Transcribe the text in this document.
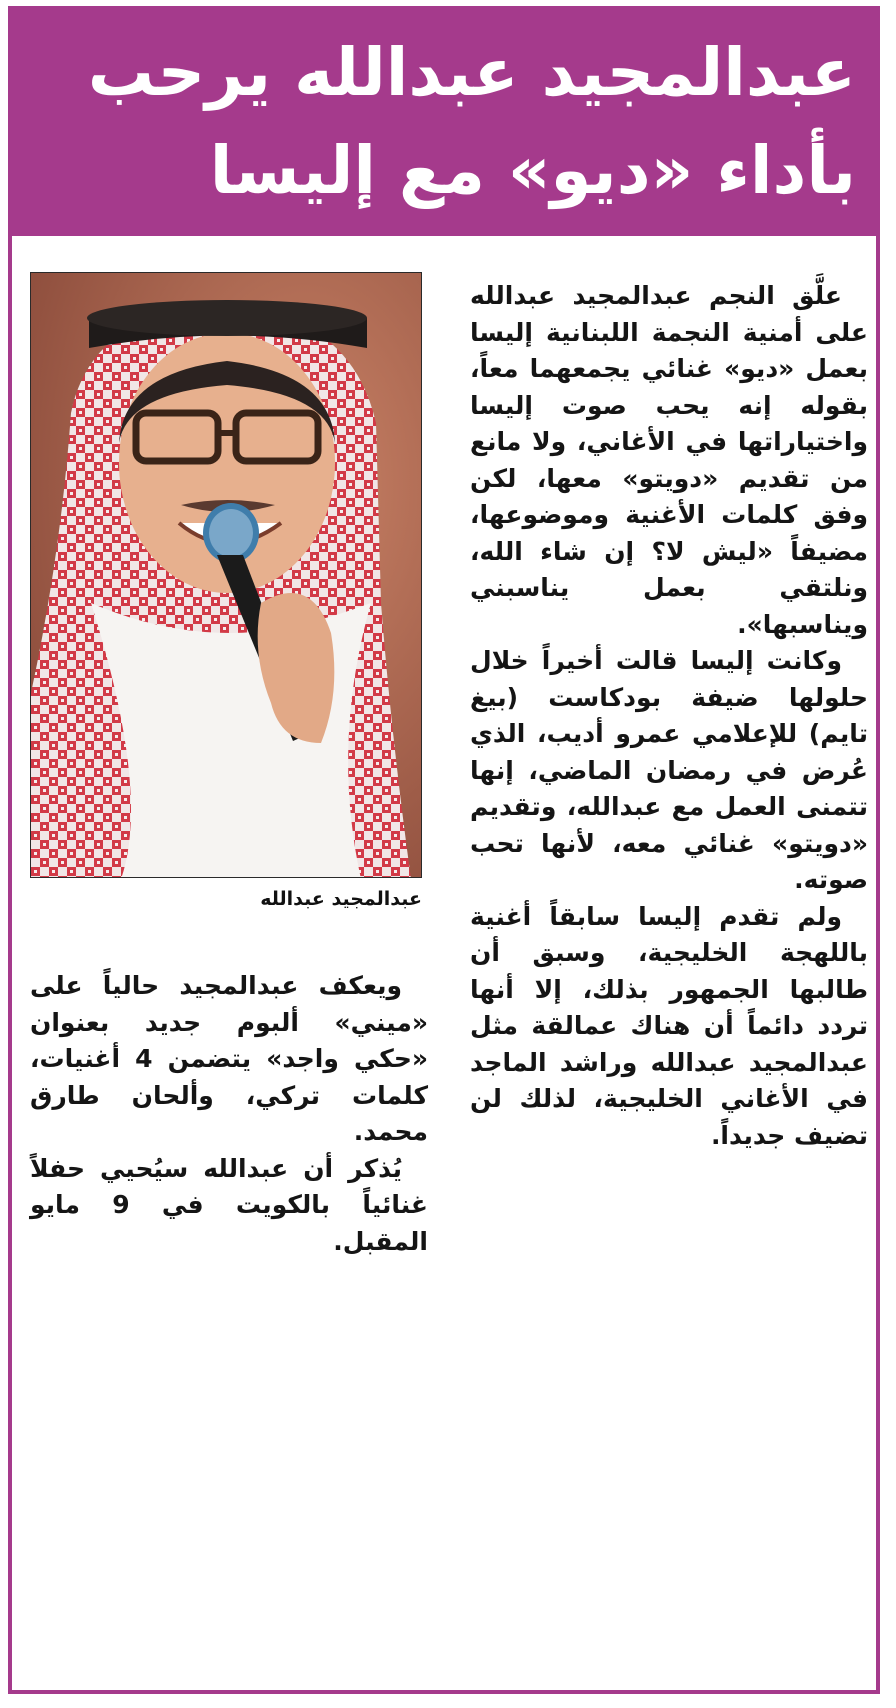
عبدالمجيد عبدالله يرحب
بأداء «ديو» مع إليسا
عبدالمجيد عبدالله

علَّق النجم عبدالمجيد عبدالله على أمنية النجمة اللبنانية إليسا بعمل «ديو» غنائي يجمعهما معاً، بقوله إنه يحب صوت إليسا واختياراتها في الأغاني، ولا مانع من تقديم «دويتو» معها، لكن وفق كلمات الأغنية وموضوعها، مضيفاً «ليش لا؟ إن شاء الله، ونلتقي بعمل يناسبني ويناسبها».

وكانت إليسا قالت أخيراً خلال حلولها ضيفة بودكاست (بيغ تايم) للإعلامي عمرو أديب، الذي عُرض في رمضان الماضي، إنها تتمنى العمل مع عبدالله، وتقديم «دويتو» غنائي معه، لأنها تحب صوته.

ولم تقدم إليسا سابقاً أغنية باللهجة الخليجية، وسبق أن طالبها الجمهور بذلك، إلا أنها تردد دائماً أن هناك عمالقة مثل عبدالمجيد عبدالله وراشد الماجد في الأغاني الخليجية، لذلك لن تضيف جديداً.

ويعكف عبدالمجيد حالياً على «ميني» ألبوم جديد بعنوان «حكي واجد» يتضمن 4 أغنيات، كلمات تركي، وألحان طارق محمد.

يُذكر أن عبدالله سيُحيي حفلاً غنائياً بالكويت في 9 مايو المقبل.
